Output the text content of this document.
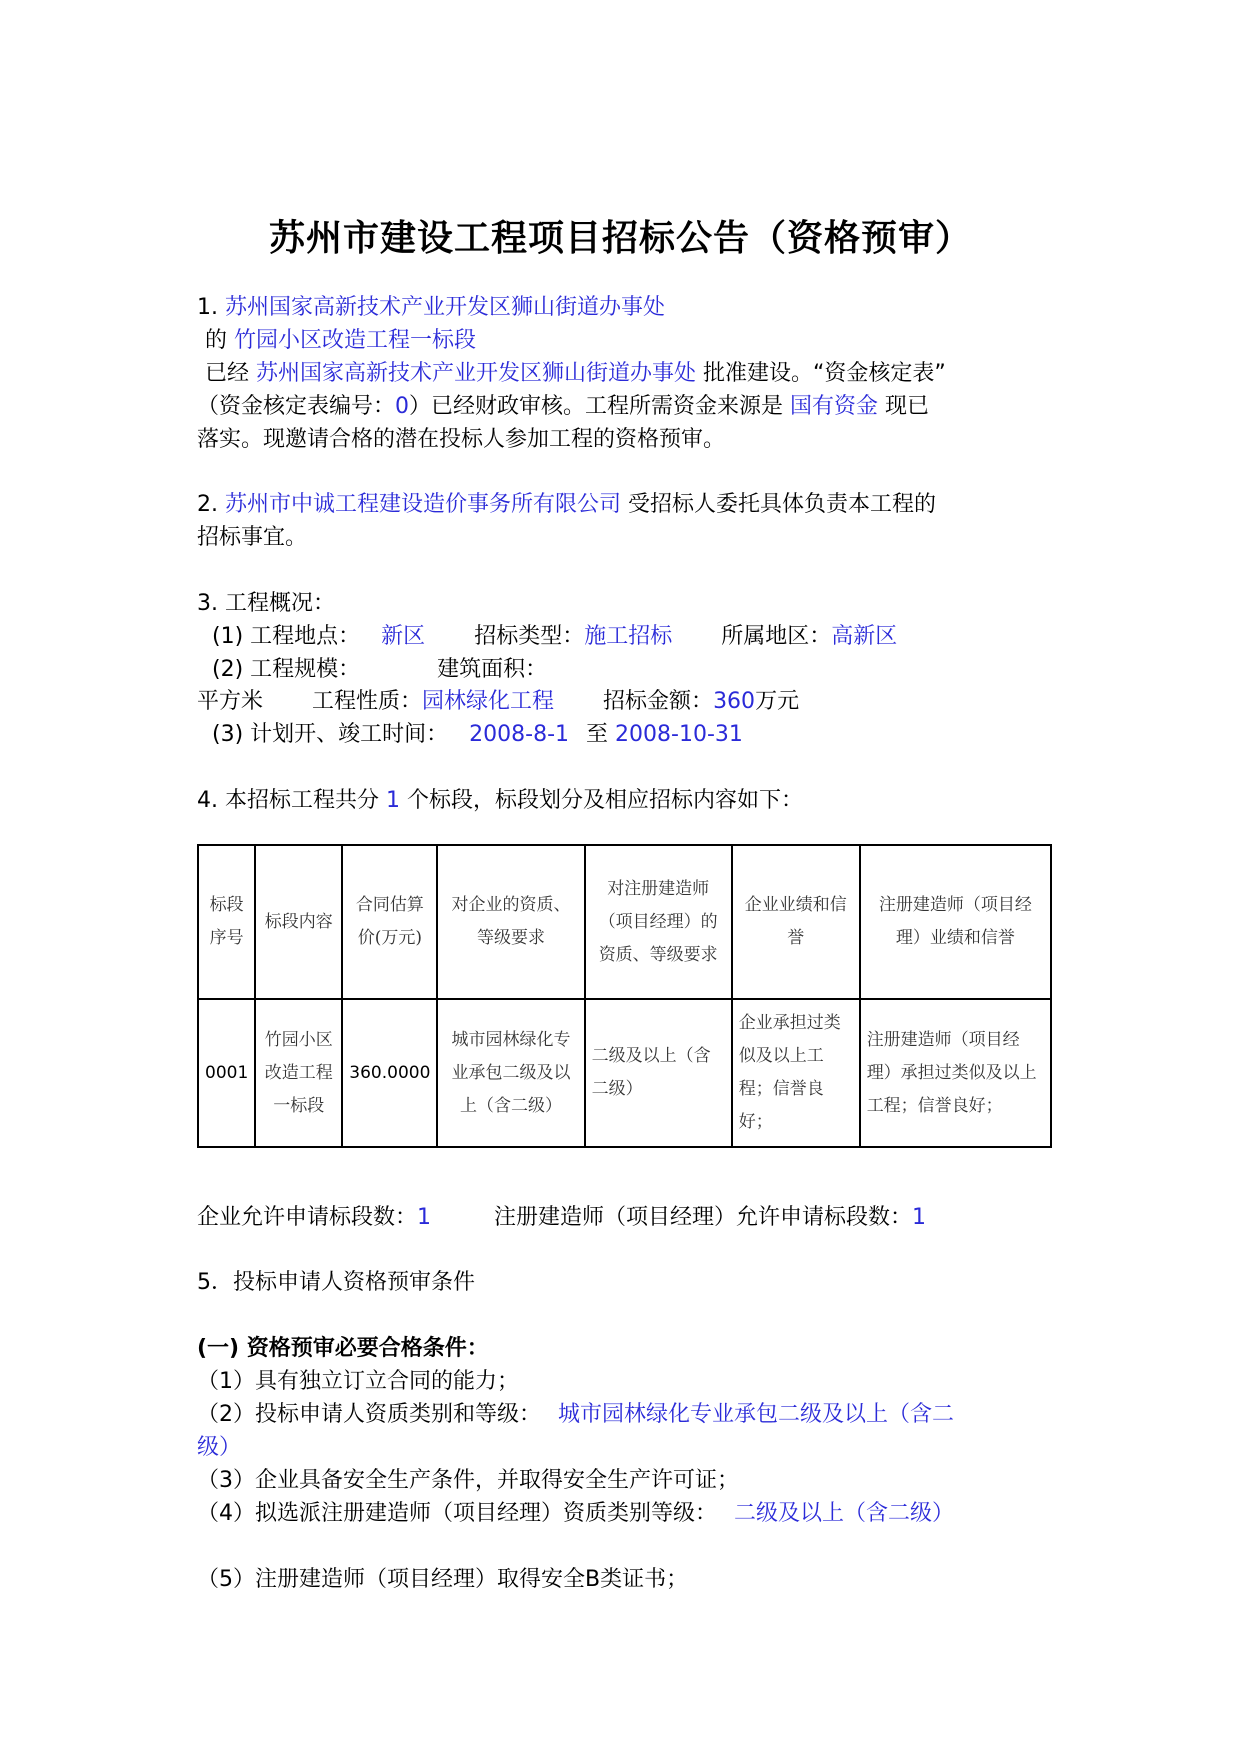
苏州市建设工程项目招标公告（资格预审）
1. 苏州国家高新技术产业开发区狮山街道办事处
的 竹园小区改造工程一标段
已经 苏州国家高新技术产业开发区狮山街道办事处 批准建设。“资金核定表”
（资金核定表编号：0）已经财政审核。工程所需资金来源是 国有资金 现已
落实。现邀请合格的潜在投标人参加工程的资格预审。
2. 苏州市中诚工程建设造价事务所有限公司 受招标人委托具体负责本工程的
招标事宜。
3. 工程概况：
(1) 工程地点： 新区 招标类型：施工招标 所属地区：高新区
(2) 工程规模：	建筑面积：
平方米 工程性质：园林绿化工程 招标金额：360万元
(3) 计划开、竣工时间： 2008-8-1 至 2008-10-31
4. 本招标工程共分 1 个标段，标段划分及相应招标内容如下：
标段序号	标段内容	合同估算价(万元)	对企业的资质、等级要求	对注册建造师（项目经理）的资质、等级要求	企业业绩和信誉	注册建造师（项目经理）业绩和信誉
0001	竹园小区改造工程一标段	360.0000	城市园林绿化专业承包二级及以上（含二级）	二级及以上（含二级）	企业承担过类似及以上工程；信誉良好；	注册建造师（项目经理）承担过类似及以上工程；信誉良好；
企业允许申请标段数：1	注册建造师（项目经理）允许申请标段数：1
5．投标申请人资格预审条件
(一) 资格预审必要合格条件：
（1）具有独立订立合同的能力；
（2）投标申请人资质类别和等级： 城市园林绿化专业承包二级及以上（含二
级）
（3）企业具备安全生产条件，并取得安全生产许可证；
（4）拟选派注册建造师（项目经理）资质类别等级： 二级及以上（含二级）
（5）注册建造师（项目经理）取得安全B类证书；
